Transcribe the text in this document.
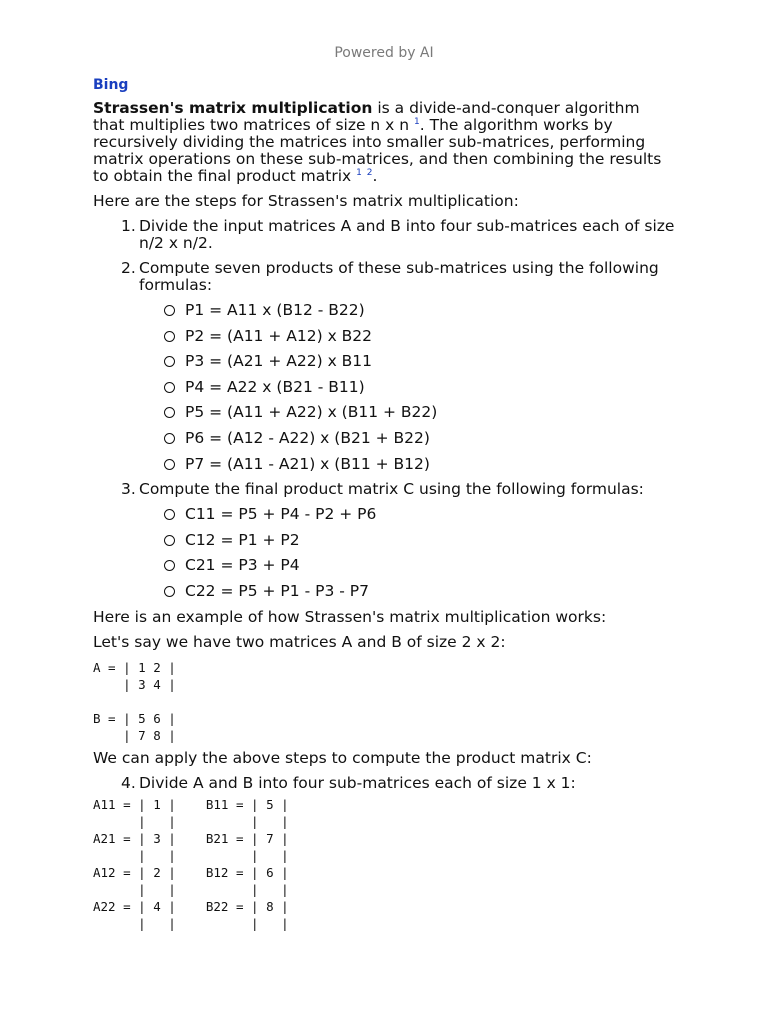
Powered by AI
Bing

Strassen's matrix multiplication is a divide-and-conquer algorithm that multiplies two matrices of size n x n $^1$. The algorithm works by recursively dividing the matrices into smaller sub-matrices, performing matrix operations on these sub-matrices, and then combining the results to obtain the final product matrix $^1$ $^2$.

Here are the steps for Strassen's matrix multiplication:

1. Divide the input matrices A and B into four sub-matrices each of size n/2 x n/2.
2. Compute seven products of these sub-matrices using the following formulas:
P1 = A11 x (B12 - B22)
P2 = (A11 + A12) x B22
P3 = (A21 + A22) x B11
P4 = A22 x (B21 - B11)
P5 = (A11 + A22) x (B11 + B22)
P6 = (A12 - A22) x (B21 + B22)
P7 = (A11 - A21) x (B11 + B12)
3. Compute the final product matrix C using the following formulas:
C11 = P5 + P4 - P2 + P6
C12 = P1 + P2
C21 = P3 + P4
C22 = P5 + P1 - P3 - P7

Here is an example of how Strassen's matrix multiplication works:

Let's say we have two matrices A and B of size 2 x 2:

A = | 1 2 |
| 3 4 |

B = | 5 6 |
| 7 8 |

We can apply the above steps to compute the product matrix C:

4. Divide A and B into four sub-matrices each of size 1 x 1:
A11 = | 1 |    B11 = | 5 |
|   |          |   |
A21 = | 3 |    B21 = | 7 |
|   |          |   |
A12 = | 2 |    B12 = | 6 |
|   |          |   |
A22 = | 4 |    B22 = | 8 |
|   |          |   |
